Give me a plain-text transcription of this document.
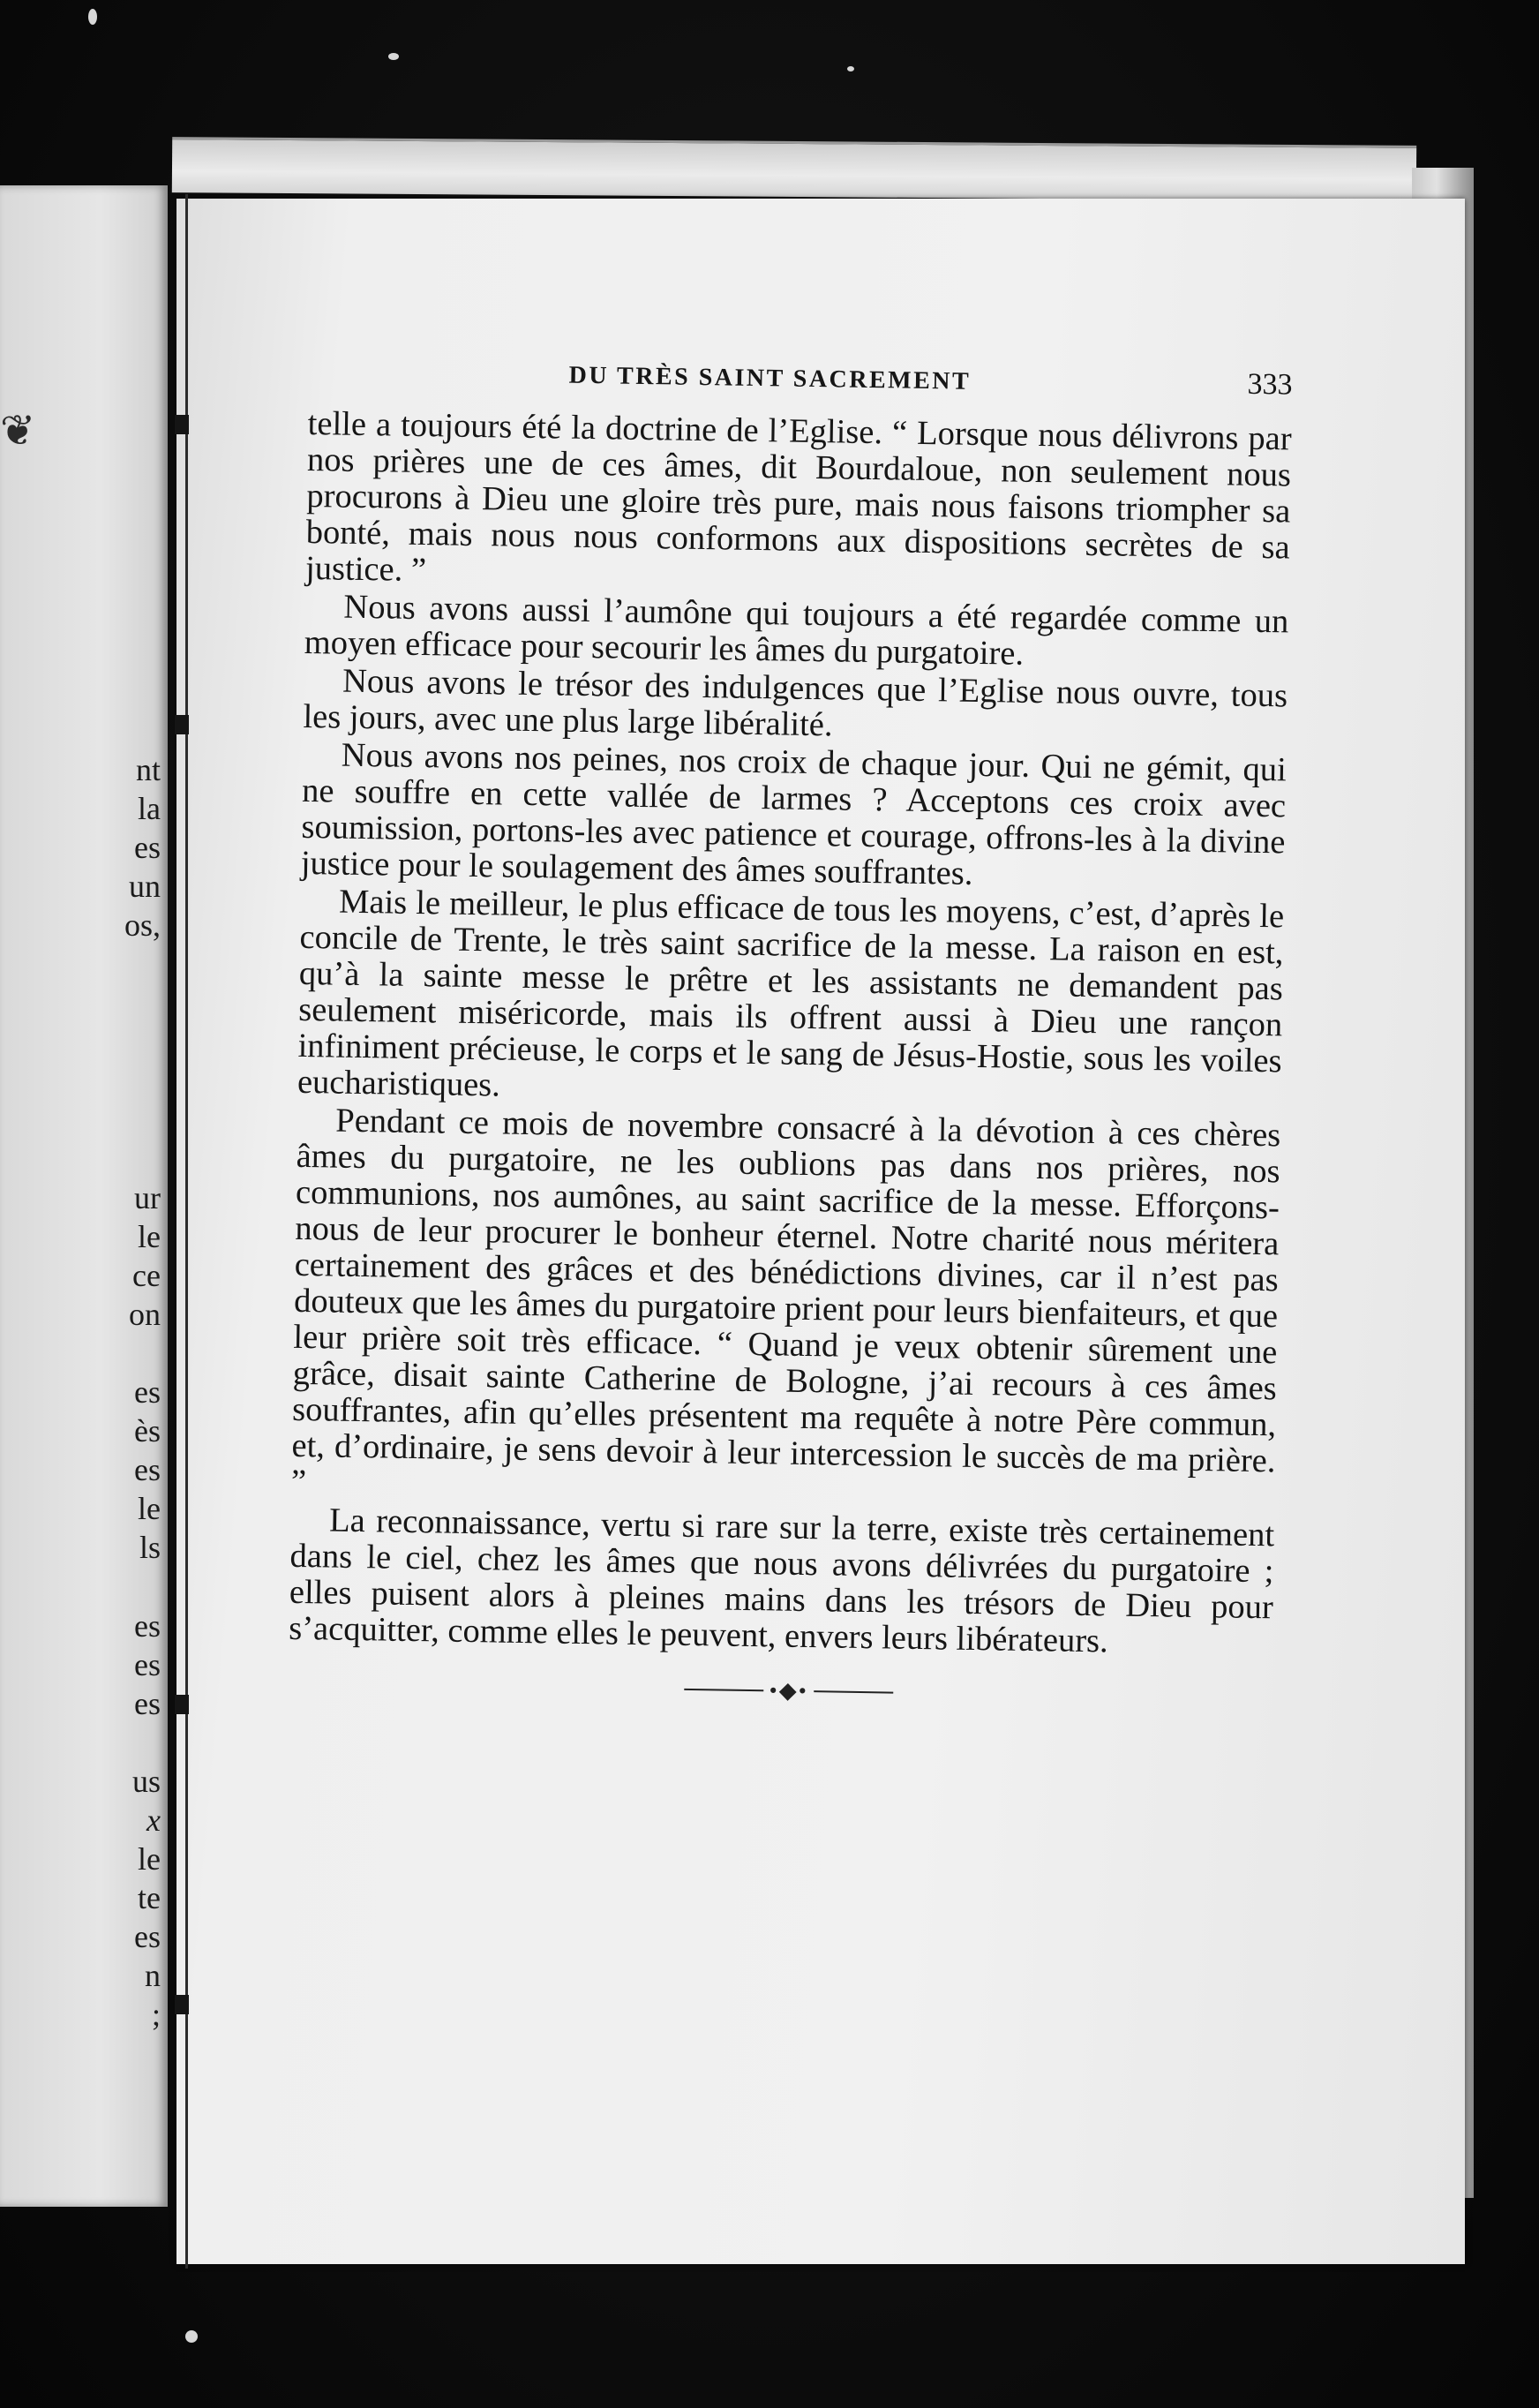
❦
nt
la
es
un
os,
ur
le
ce
on
es
ès
es
le
ls
es
es
es
us
x
le
te
es
n
;
DU TRÈS SAINT SACREMENT	333

telle a toujours été la doctrine de l’Eglise. “ Lorsque nous délivrons par nos prières une de ces âmes, dit Bourdaloue, non seulement nous procurons à Dieu une gloire très pure, mais nous faisons triompher sa bonté, mais nous nous conformons aux dispositions secrètes de sa justice. ”

Nous avons aussi l’aumône qui toujours a été regardée comme un moyen efficace pour secourir les âmes du purgatoire.

Nous avons le trésor des indulgences que l’Eglise nous ouvre, tous les jours, avec une plus large libéralité.

Nous avons nos peines, nos croix de chaque jour. Qui ne gémit, qui ne souffre en cette vallée de larmes ? Acceptons ces croix avec soumission, portons-les avec patience et courage, offrons-les à la divine justice pour le soulagement des âmes souffrantes.

Mais le meilleur, le plus efficace de tous les moyens, c’est, d’après le concile de Trente, le très saint sacrifice de la messe. La raison en est, qu’à la sainte messe le prêtre et les assistants ne demandent pas seulement miséricorde, mais ils offrent aussi à Dieu une rançon infiniment précieuse, le corps et le sang de Jésus-Hostie, sous les voiles eucharistiques.

Pendant ce mois de novembre consacré à la dévotion à ces chères âmes du purgatoire, ne les oublions pas dans nos prières, nos communions, nos aumônes, au saint sacrifice de la messe. Efforçons-nous de leur procurer le bonheur éternel. Notre charité nous méritera certainement des grâces et des bénédictions divines, car il n’est pas douteux que les âmes du purgatoire prient pour leurs bienfaiteurs, et que leur prière soit très efficace. “ Quand je veux obtenir sûrement une grâce, disait sainte Catherine de Bologne, j’ai recours à ces âmes souffrantes, afin qu’elles présentent ma requête à notre Père commun, et, d’ordinaire, je sens devoir à leur intercession le succès de ma prière. ”

La reconnaissance, vertu si rare sur la terre, existe très certainement dans le ciel, chez les âmes que nous avons délivrées du purgatoire ; elles puisent alors à pleines mains dans les trésors de Dieu pour s’acquitter, comme elles le peuvent, envers leurs libérateurs.

•◆•
